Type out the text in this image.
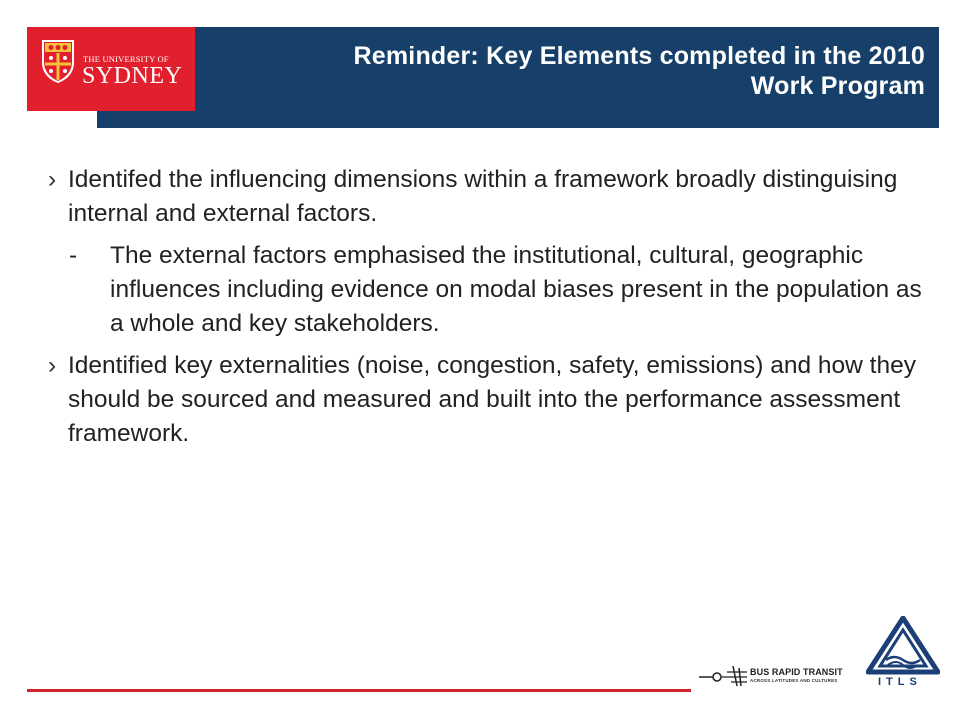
Reminder: Key Elements completed in the 2010
Work Program
THE UNIVERSITY OF
SYDNEY
› Identifed the influencing dimensions within a framework broadly distinguising internal and external factors.
- The external factors emphasised the institutional, cultural, geographic influences including evidence on modal biases present in the population as a whole and key stakeholders.
› Identified key externalities (noise, congestion, safety, emissions) and how they should be sourced and measured and built into the performance assessment framework.
BUS RAPID TRANSIT
ACROSS LATITUDES AND CULTURES	ITLS
